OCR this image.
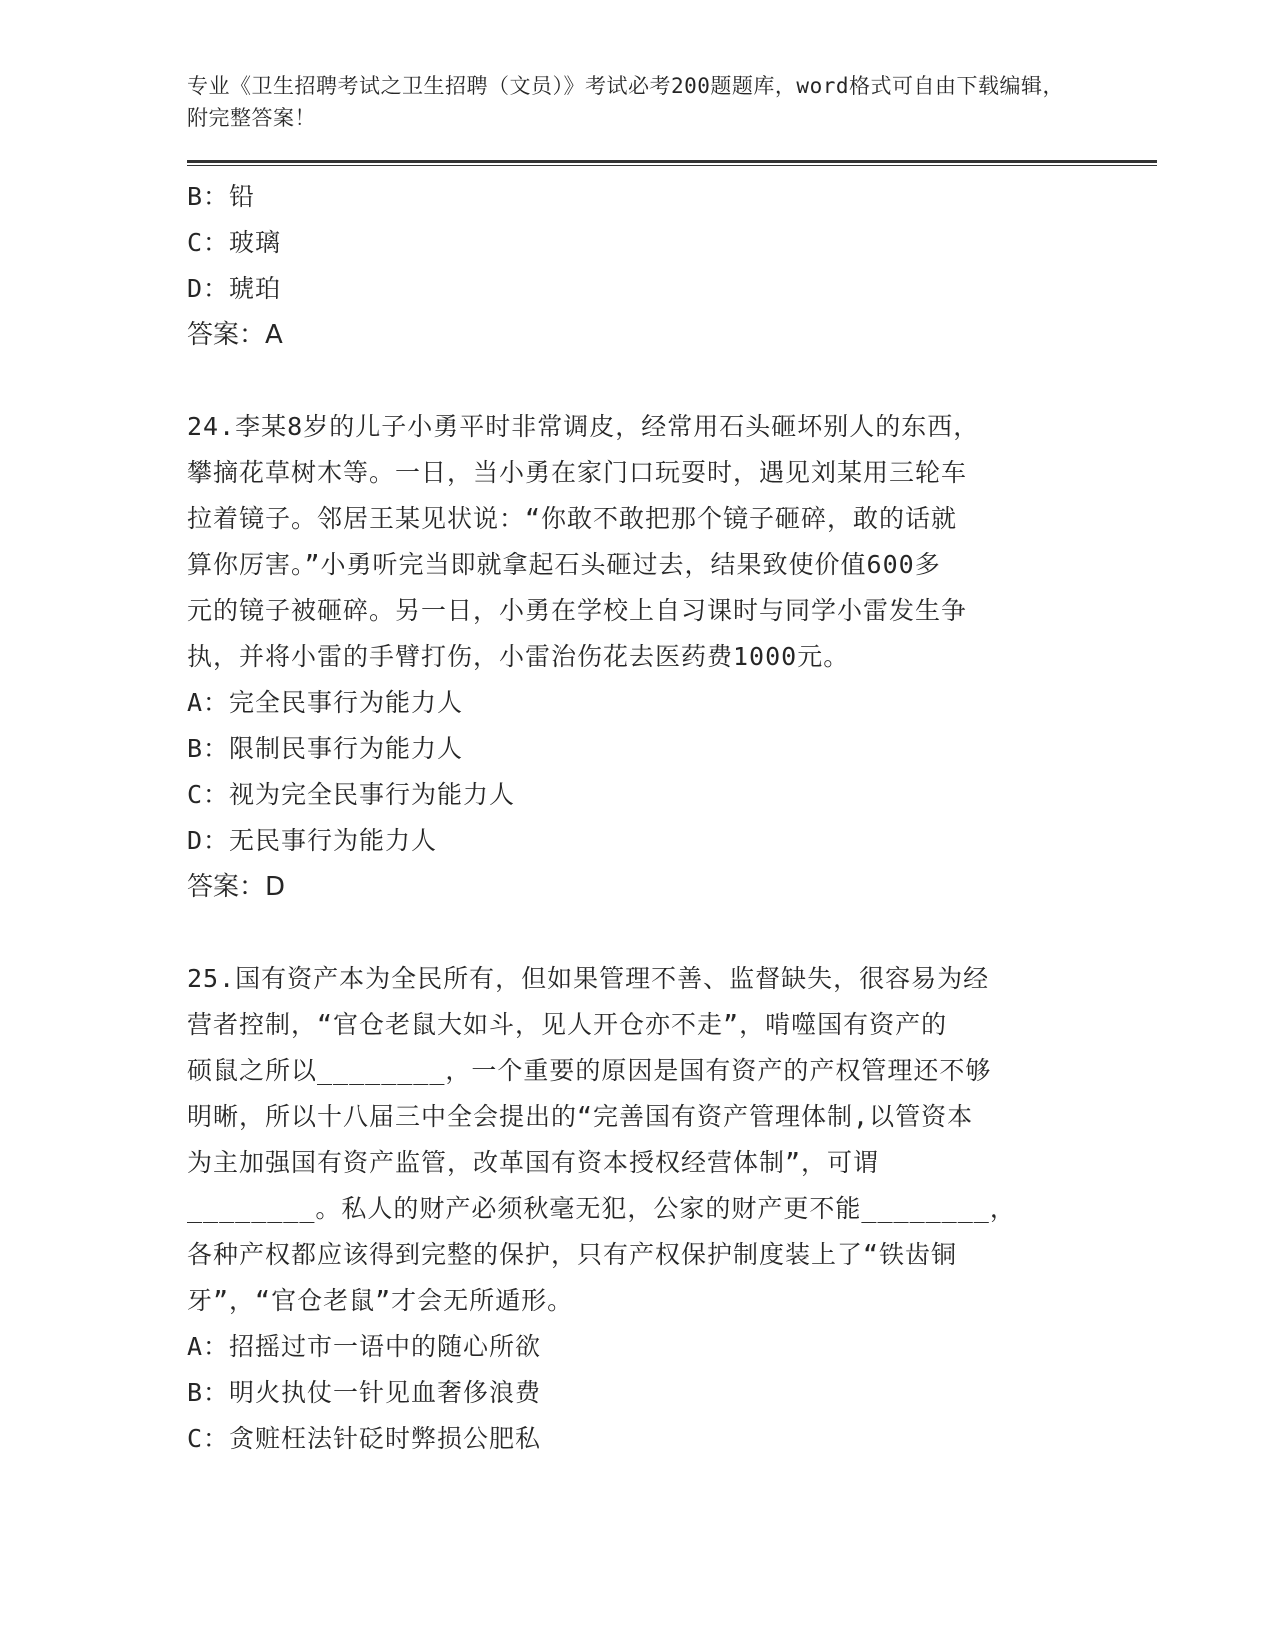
专业《卫生招聘考试之卫生招聘（文员）》考试必考200题题库，word格式可自由下载编辑，附完整答案！
B：铅
C：玻璃
D：琥珀
答案：A
24.李某8岁的儿子小勇平时非常调皮，经常用石头砸坏别人的东西，
攀摘花草树木等。一日，当小勇在家门口玩耍时，遇见刘某用三轮车
拉着镜子。邻居王某见状说：“你敢不敢把那个镜子砸碎，敢的话就
算你厉害。”小勇听完当即就拿起石头砸过去，结果致使价值600多
元的镜子被砸碎。另一日，小勇在学校上自习课时与同学小雷发生争
执，并将小雷的手臂打伤，小雷治伤花去医药费1000元。
A：完全民事行为能力人
B：限制民事行为能力人
C：视为完全民事行为能力人
D：无民事行为能力人
答案：D
25.国有资产本为全民所有，但如果管理不善、监督缺失，很容易为经
营者控制，“官仓老鼠大如斗，见人开仓亦不走”，啃噬国有资产的
硕鼠之所以________，一个重要的原因是国有资产的产权管理还不够
明晰，所以十八届三中全会提出的“完善国有资产管理体制,以管资本
为主加强国有资产监管，改革国有资本授权经营体制”，可谓
________。私人的财产必须秋毫无犯，公家的财产更不能________，
各种产权都应该得到完整的保护，只有产权保护制度装上了“铁齿铜
牙”，“官仓老鼠”才会无所遁形。
A：招摇过市一语中的随心所欲
B：明火执仗一针见血奢侈浪费
C：贪赃枉法针砭时弊损公肥私
